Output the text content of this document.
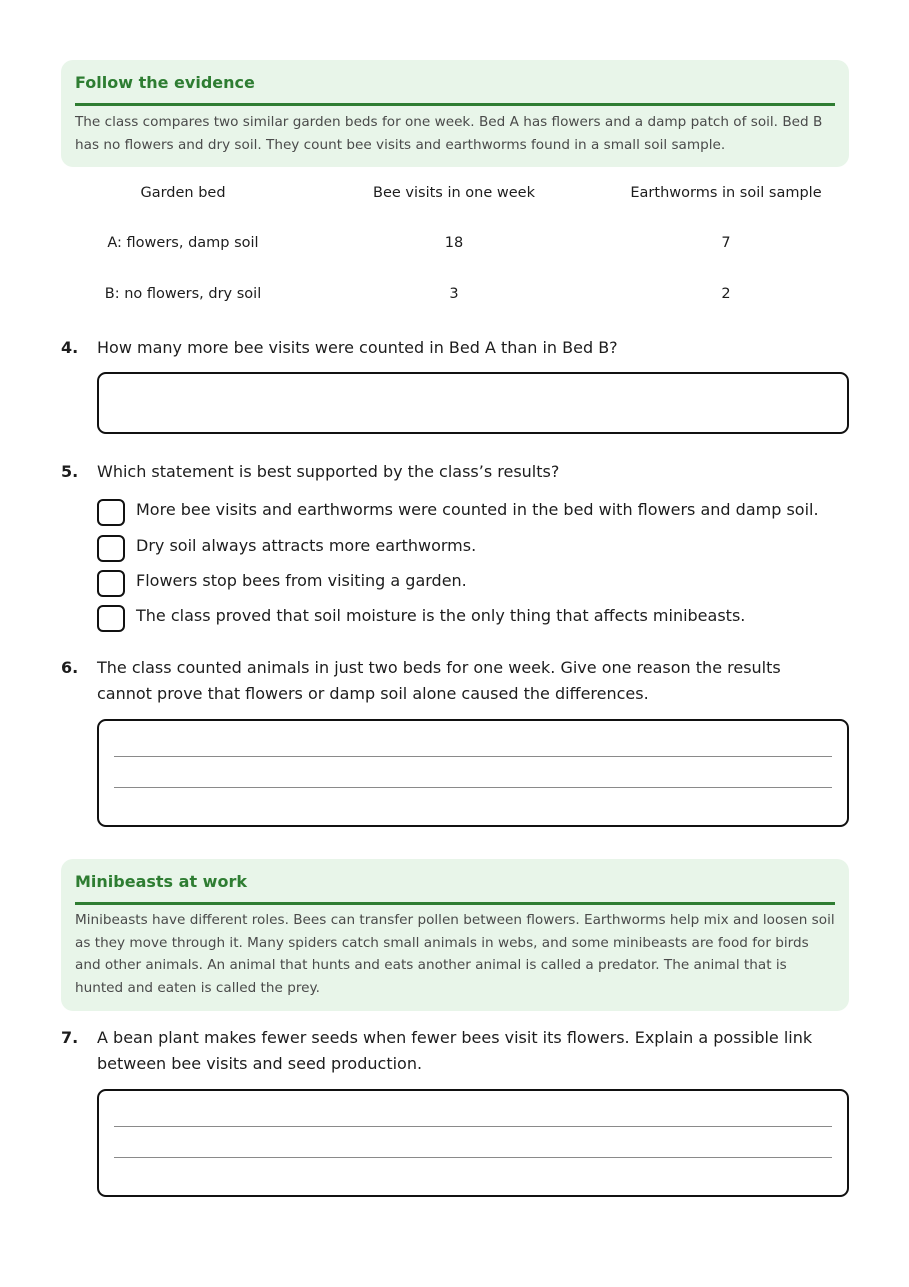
Follow the evidence
The class compares two similar garden beds for one week. Bed A has flowers and a damp patch of soil. Bed B has no flowers and dry soil. They count bee visits and earthworms found in a small soil sample.
Garden bed	Bee visits in one week	Earthworms in soil sample
A: flowers, damp soil	18	7
B: no flowers, dry soil	3	2
4. How many more bee visits were counted in Bed A than in Bed B?
5. Which statement is best supported by the class’s results?
More bee visits and earthworms were counted in the bed with flowers and damp soil.
Dry soil always attracts more earthworms.
Flowers stop bees from visiting a garden.
The class proved that soil moisture is the only thing that affects minibeasts.
6. The class counted animals in just two beds for one week. Give one reason the results cannot prove that flowers or damp soil alone caused the differences.
Minibeasts at work
Minibeasts have different roles. Bees can transfer pollen between flowers. Earthworms help mix and loosen soil as they move through it. Many spiders catch small animals in webs, and some minibeasts are food for birds and other animals. An animal that hunts and eats another animal is called a predator. The animal that is hunted and eaten is called the prey.
7. A bean plant makes fewer seeds when fewer bees visit its flowers. Explain a possible link between bee visits and seed production.
